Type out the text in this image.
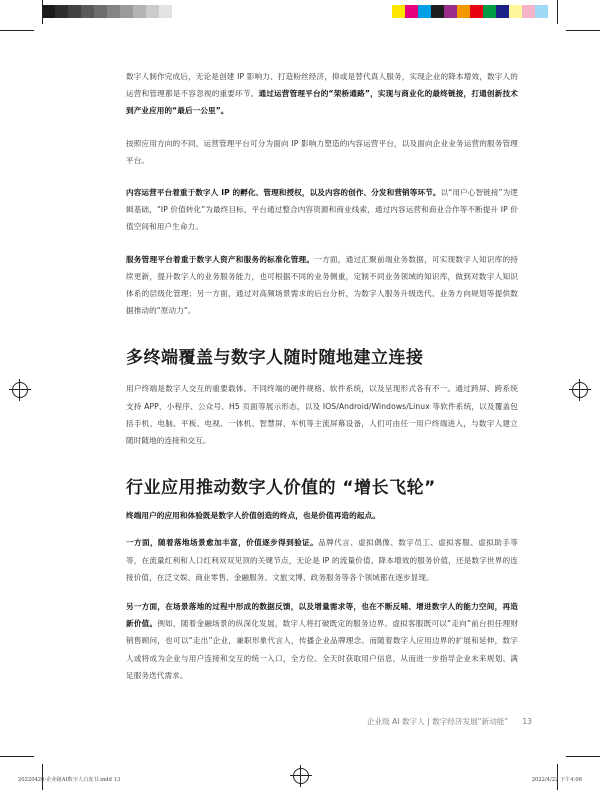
数字人制作完成后，无论是创建 IP 影响力、打造粉丝经济，抑或是替代真人服务，实现企业的降本增效，数字人的运营和管理都是不容忽视的重要环节。通过运营管理平台的“架桥通路”，实现与商业化的最终链接，打通创新技术到产业应用的“最后一公里”。

按照应用方向的不同，运营管理平台可分为面向 IP 影响力塑造的内容运营平台，以及面向企业业务运营的服务管理平台。

内容运营平台着重于数字人 IP 的孵化、管理和授权，以及内容的创作、分发和营销等环节。以“用户心智链接”为逻辑基础，“IP 价值转化”为最终目标，平台通过整合内容资源和商业线索，通过内容运营和商业合作等不断提升 IP 价值空间和用户生命力。

服务管理平台着重于数字人资产和服务的标准化管理。一方面，通过汇聚前端业务数据，可实现数字人知识库的持续更新，提升数字人的业务服务能力，也可根据不同的业务侧重，定制不同业务领域的知识库，做到对数字人知识体系的层级化管理；另一方面，通过对高频场景需求的后台分析，为数字人服务升级迭代、业务方向规划等提供数据推动的“原动力”。

多终端覆盖与数字人随时随地建立连接

用户终端是数字人交互的重要载体。不同终端的硬件规格、软件系统，以及呈现形式各有不一。通过跨屏、跨系统支持 APP、小程序、公众号、H5 页面等展示形态，以及 IOS/Android/Windows/Linux 等软件系统，以及覆盖包括手机、电脑、平板、电视、一体机、智慧屏、车机等主流屏幕设备，人们可由任一用户终端进入，与数字人建立随时随地的连接和交互。

行业应用推动数字人价值的 “增长飞轮”

终端用户的应用和体验既是数字人价值创造的终点，也是价值再造的起点。

一方面，随着落地场景愈加丰富，价值逐步得到验证。品牌代言、虚拟偶像、数字员工、虚拟客服、虚拟助手等等，在流量红利和人口红利双双见顶的关键节点，无论是 IP 的流量价值、降本增效的服务价值，还是数字世界的连接价值，在泛文娱、商业零售、金融服务、文旅文博、政务服务等各个领域都在逐步显现。

另一方面，在场景落地的过程中形成的数据反馈，以及增量需求等，也在不断反哺、增进数字人的能力空间，再造新价值。例如，随着金融场景的纵深化发展，数字人将打破既定的服务边界。虚拟客服既可以“走向”前台担任理财销售顾问，也可以“走出”企业，兼职形象代言人，传播企业品牌理念。而随着数字人应用边界的扩展和延伸，数字人或将成为企业与用户连接和交互的统一入口，全方位、全天时获取用户信息，从而进一步指导企业未来规划、满足服务迭代需求。

企业级 AI 数字人 | 数字经济发展“新动能” 13
20220420-企业级AI数字人白皮书.indd 13	2022/4/22 下午4:06
